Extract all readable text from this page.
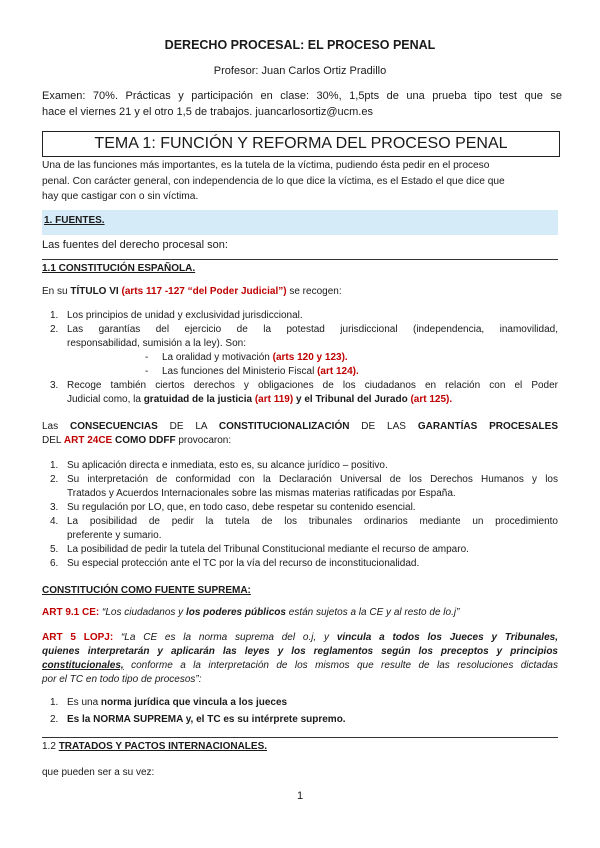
DERECHO PROCESAL: EL PROCESO PENAL
Profesor: Juan Carlos Ortiz Pradillo

Examen: 70%. Prácticas y participación en clase: 30%, 1,5pts de una prueba tipo test que se

hace el viernes 21 y el otro 1,5 de trabajos. juancarlosortiz@ucm.es

TEMA 1: FUNCIÓN Y REFORMA DEL PROCESO PENAL

Una de las funciones más importantes, es la tutela de la víctima, pudiendo ésta pedir en el proceso

penal. Con carácter general, con independencia de lo que dice la víctima, es el Estado el que dice que

hay que castigar con o sin víctima.

1. FUENTES.
Las fuentes del derecho procesal son:
1.1 CONSTITUCIÓN ESPAÑOLA.
En su TÍTULO VI (arts 117 -127 “del Poder Judicial”) se recogen:
1. Los principios de unidad y exclusividad jurisdiccional.
2. Las garantías del ejercicio de la potestad jurisdiccional (independencia, inamovilidad,

responsabilidad, sumisión a la ley). Son:

- La oralidad y motivación (arts 120 y 123).
- Las funciones del Ministerio Fiscal (art 124).
3. Recoge también ciertos derechos y obligaciones de los ciudadanos en relación con el Poder

Judicial como, la gratuidad de la justicia (art 119) y el Tribunal del Jurado (art 125).

Las CONSECUENCIAS DE LA CONSTITUCIONALIZACIÓN DE LAS GARANTÍAS PROCESALES

DEL ART 24CE COMO DDFF provocaron:

1. Su aplicación directa e inmediata, esto es, su alcance jurídico – positivo.

2. Su interpretación de conformidad con la Declaración Universal de los Derechos Humanos y los

Tratados y Acuerdos Internacionales sobre las mismas materias ratificadas por España.

3. Su regulación por LO, que, en todo caso, debe respetar su contenido esencial.

4. La posibilidad de pedir la tutela de los tribunales ordinarios mediante un procedimiento

preferente y sumario.

5. La posibilidad de pedir la tutela del Tribunal Constitucional mediante el recurso de amparo.

6. Su especial protección ante el TC por la vía del recurso de inconstitucionalidad.

CONSTITUCIÓN COMO FUENTE SUPREMA:
ART 9.1 CE: “Los ciudadanos y los poderes públicos están sujetos a la CE y al resto de lo.j”

ART 5 LOPJ: “La CE es la norma suprema del o.j, y vincula a todos los Jueces y Tribunales,

quienes interpretarán y aplicarán las leyes y los reglamentos según los preceptos y principios

constitucionales, conforme a la interpretación de los mismos que resulte de las resoluciones dictadas

por el TC en todo tipo de procesos”:

1. Es una norma jurídica que vincula a los jueces
2. Es la NORMA SUPREMA y, el TC es su intérprete supremo.
1.2 TRATADOS Y PACTOS INTERNACIONALES.
que pueden ser a su vez:
1
